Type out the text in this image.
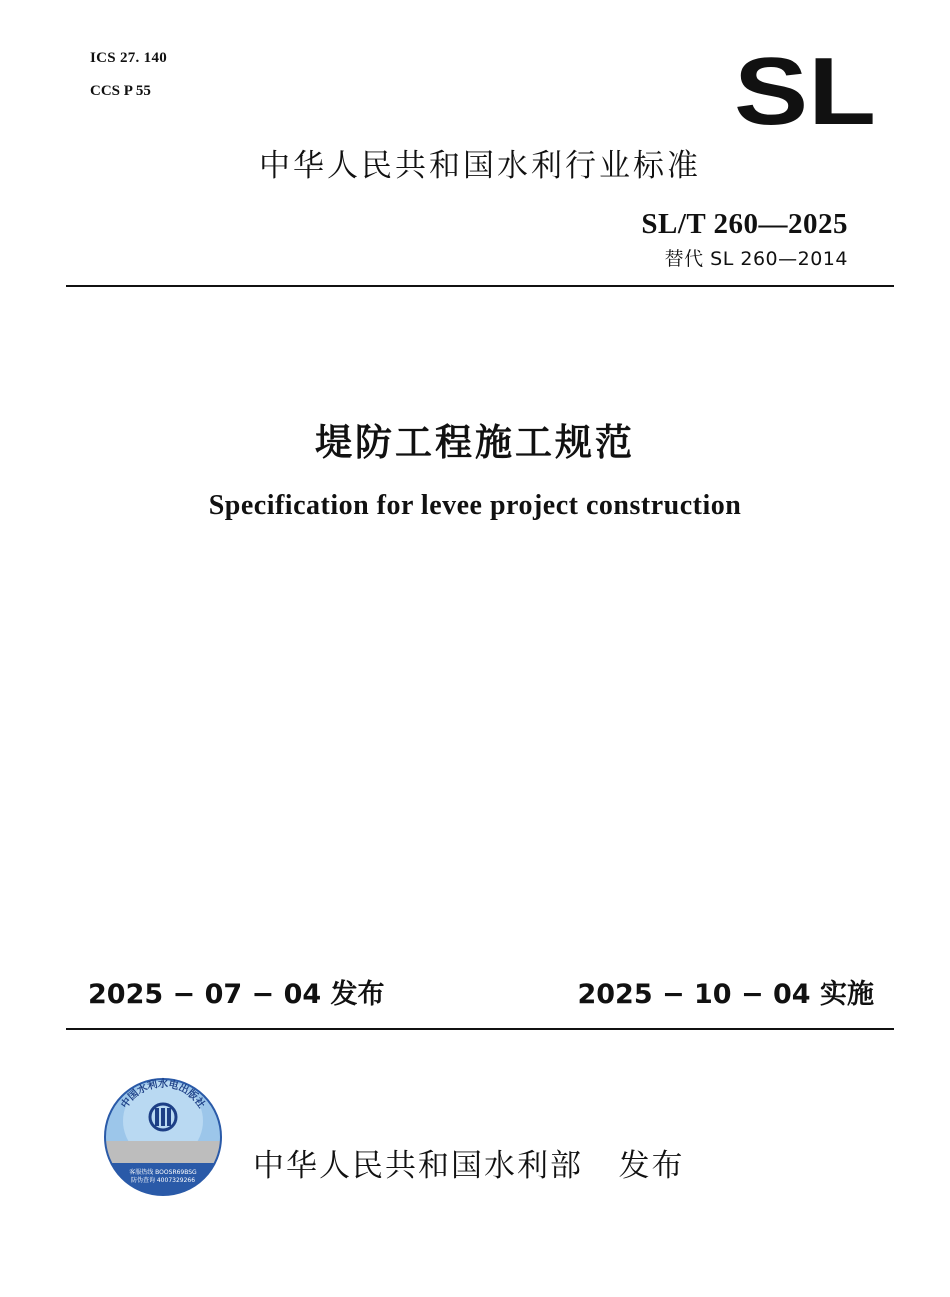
ICS 27. 140
CCS P 55	SL
中华人民共和国水利行业标准
SL/T 260—2025
替代 SL 260—2014
堤防工程施工规范
Specification for levee project construction
2025 − 07 − 04 发布	2025 − 10 − 04 实施
中国水利水电出版社
客服热线 BOOSR69BSG
防伪查询 4007329266 中华人民共和国水利部   发布
